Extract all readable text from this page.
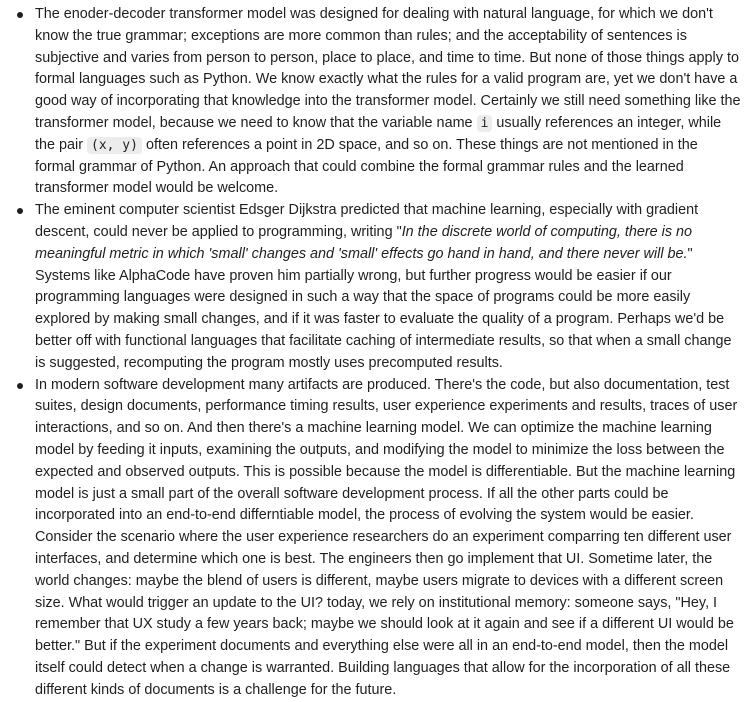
The enoder-decoder transformer model was designed for dealing with natural language, for which we don't know the true grammar; exceptions are more common than rules; and the acceptability of sentences is subjective and varies from person to person, place to place, and time to time. But none of those things apply to formal languages such as Python. We know exactly what the rules for a valid program are, yet we don't have a good way of incorporating that knowledge into the transformer model. Certainly we still need something like the transformer model, because we need to know that the variable name i usually references an integer, while the pair (x, y) often references a point in 2D space, and so on. These things are not mentioned in the formal grammar of Python. An approach that could combine the formal grammar rules and the learned transformer model would be welcome.
The eminent computer scientist Edsger Dijkstra predicted that machine learning, especially with gradient descent, could never be applied to programming, writing "In the discrete world of computing, there is no meaningful metric in which 'small' changes and 'small' effects go hand in hand, and there never will be." Systems like AlphaCode have proven him partially wrong, but further progress would be easier if our programming languages were designed in such a way that the space of programs could be more easily explored by making small changes, and if it was faster to evaluate the quality of a program. Perhaps we'd be better off with functional languages that facilitate caching of intermediate results, so that when a small change is suggested, recomputing the program mostly uses precomputed results.
In modern software development many artifacts are produced. There's the code, but also documentation, test suites, design documents, performance timing results, user experience experiments and results, traces of user interactions, and so on. And then there's a machine learning model. We can optimize the machine learning model by feeding it inputs, examining the outputs, and modifying the model to minimize the loss between the expected and observed outputs. This is possible because the model is differentiable. But the machine learning model is just a small part of the overall software development process. If all the other parts could be incorporated into an end-to-end differntiable model, the process of evolving the system would be easier. Consider the scenario where the user experience researchers do an experiment comparring ten different user interfaces, and determine which one is best. The engineers then go implement that UI. Sometime later, the world changes: maybe the blend of users is different, maybe users migrate to devices with a different screen size. What would trigger an update to the UI? today, we rely on institutional memory: someone says, "Hey, I remember that UX study a few years back; maybe we should look at it again and see if a different UI would be better." But if the experiment documents and everything else were all in an end-to-end model, then the model itself could detect when a change is warranted. Building languages that allow for the incorporation of all these different kinds of documents is a challenge for the future.
